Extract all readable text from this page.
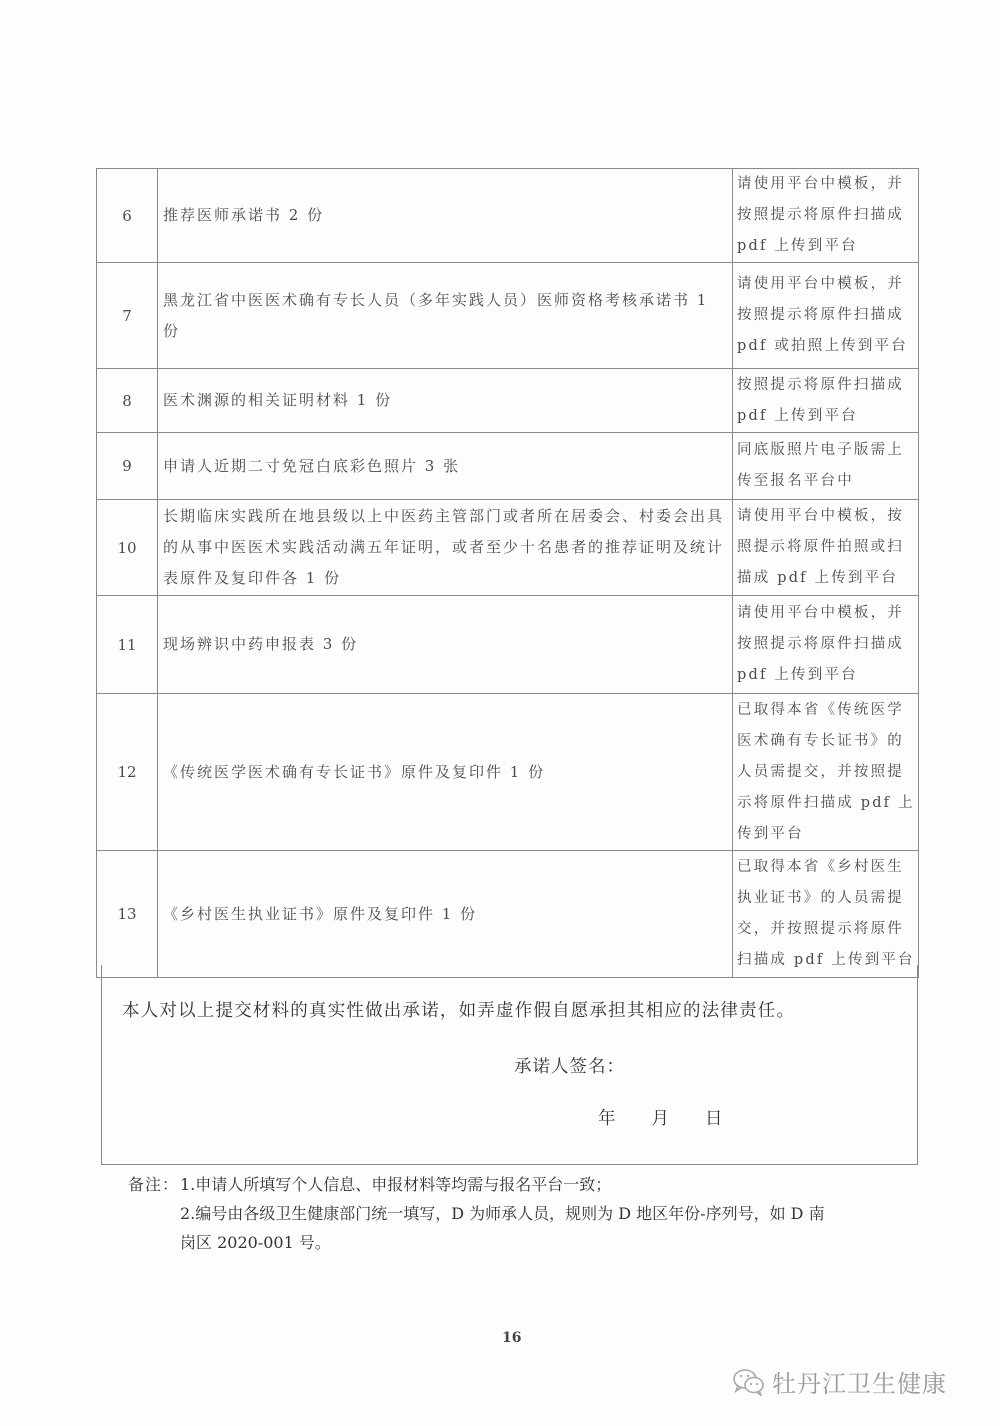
6	推荐医师承诺书 2 份	请使用平台中模板，并按照提示将原件扫描成 pdf 上传到平台
7	黑龙江省中医医术确有专长人员（多年实践人员）医师资格考核承诺书 1 份	请使用平台中模板，并按照提示将原件扫描成 pdf 或拍照上传到平台
8	医术渊源的相关证明材料 1 份	按照提示将原件扫描成 pdf 上传到平台
9	申请人近期二寸免冠白底彩色照片 3 张	同底版照片电子版需上传至报名平台中
10	长期临床实践所在地县级以上中医药主管部门或者所在居委会、村委会出具的从事中医医术实践活动满五年证明，或者至少十名患者的推荐证明及统计表原件及复印件各 1 份	请使用平台中模板，按照提示将原件拍照或扫描成 pdf 上传到平台
11	现场辨识中药申报表 3 份	请使用平台中模板，并按照提示将原件扫描成 pdf 上传到平台
12	《传统医学医术确有专长证书》原件及复印件 1 份	已取得本省《传统医学医术确有专长证书》的人员需提交，并按照提示将原件扫描成 pdf 上传到平台
13	《乡村医生执业证书》原件及复印件 1 份	已取得本省《乡村医生执业证书》的人员需提交，并按照提示将原件扫描成 pdf 上传到平台
本人对以上提交材料的真实性做出承诺，如弄虚作假自愿承担其相应的法律责任。
承诺人签名：
年 月 日
备注： 1.申请人所填写个人信息、申报材料等均需与报名平台一致；
2.编号由各级卫生健康部门统一填写，D 为师承人员，规则为 D 地区年份-序列号，如 D 南
岗区 2020-001 号。
16
牡丹江卫生健康
